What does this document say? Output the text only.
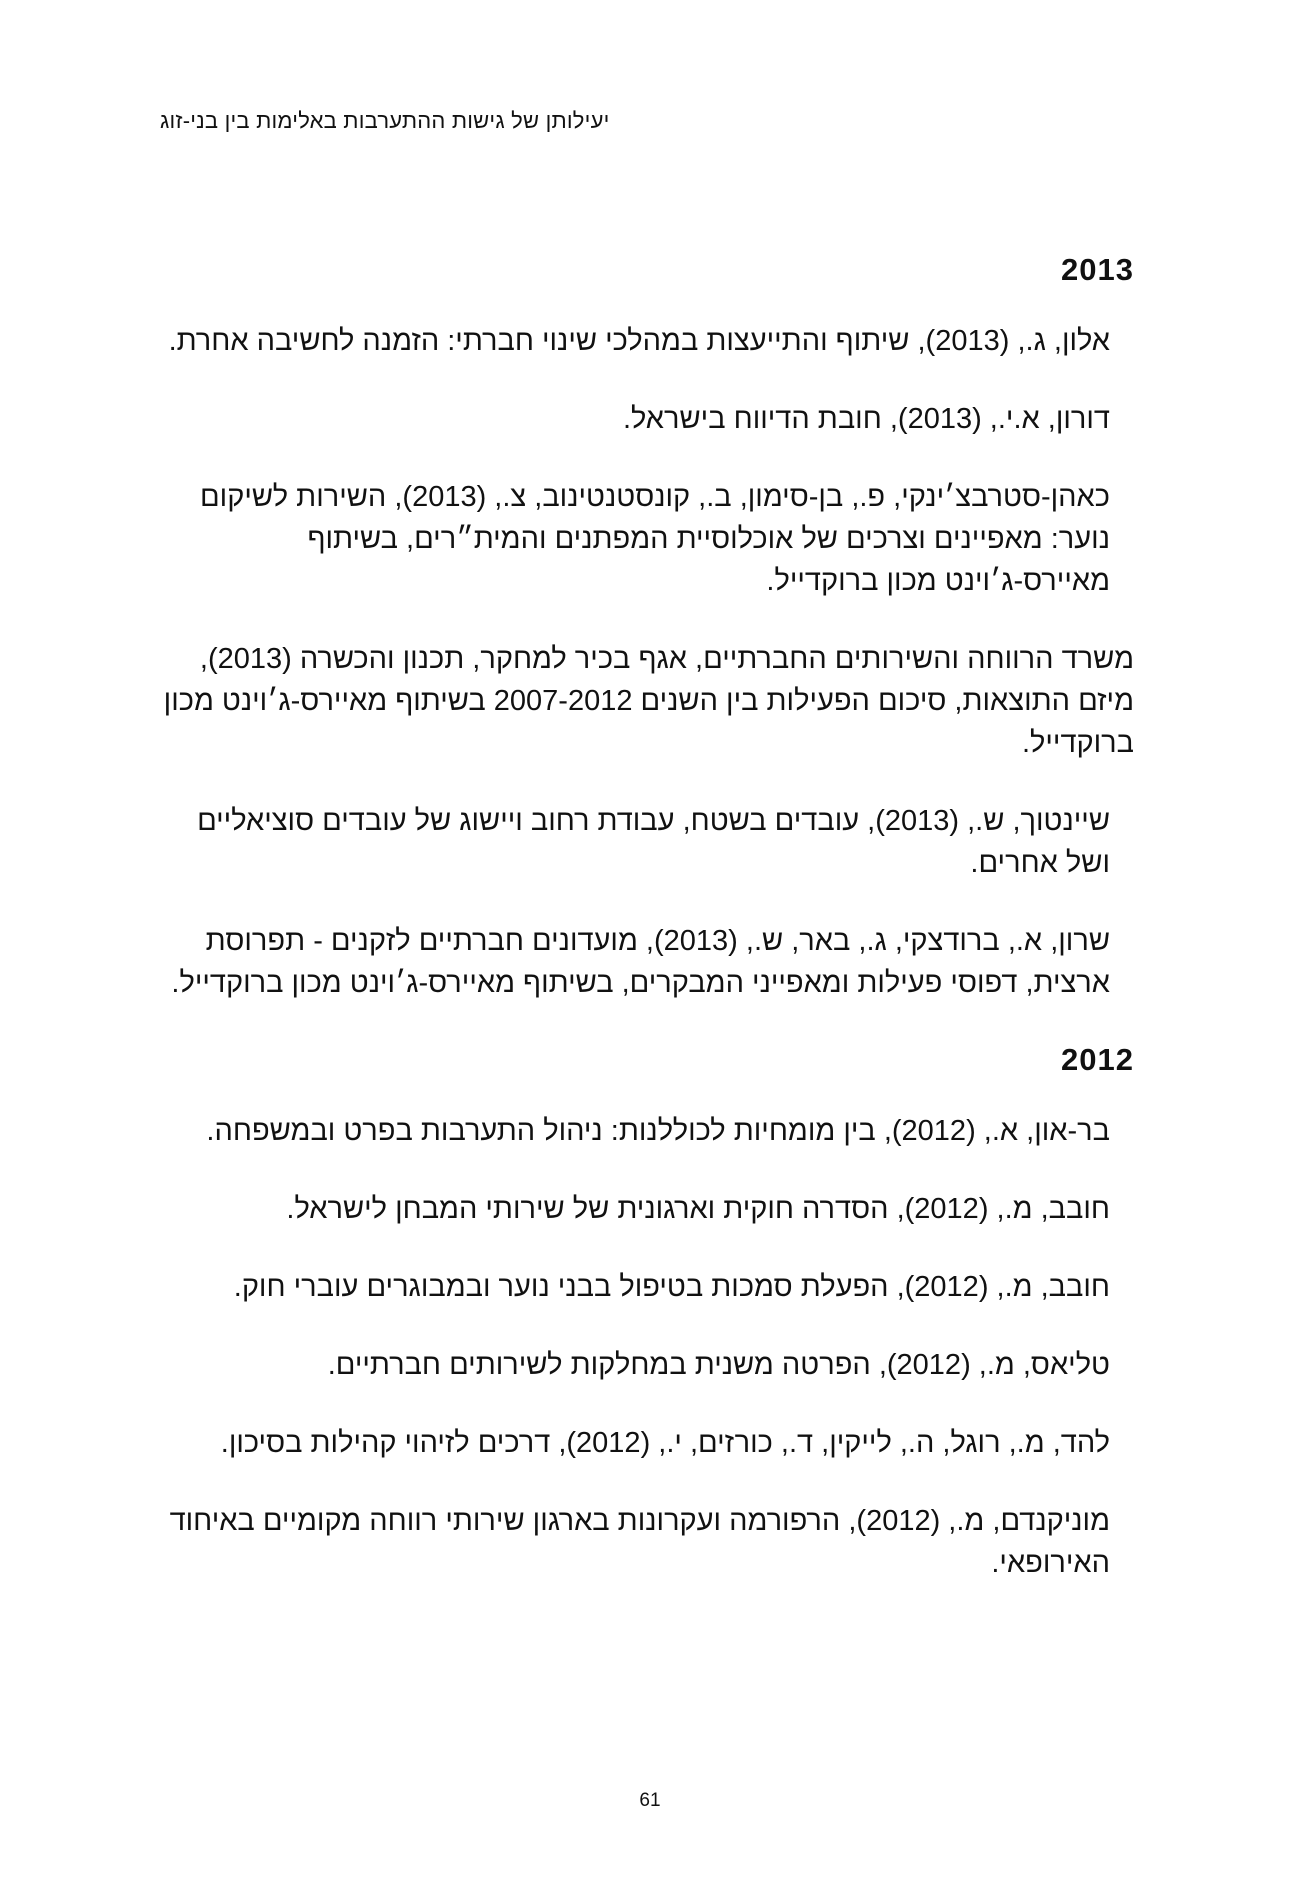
יעילותן של גישות ההתערבות באלימות בין בני-זוג
2013
אלון, ג., (2013), שיתוף והתייעצות במהלכי שינוי חברתי: הזמנה לחשיבה אחרת.
דורון, א.י., (2013), חובת הדיווח בישראל.
כאהן-סטרבצ׳ינקי, פ., בן-סימון, ב., קונסטנטינוב, צ., (2013), השירות לשיקום נוער: מאפיינים וצרכים של אוכלוסיית המפתנים והמית״רים, בשיתוף מאיירס-ג׳וינט מכון ברוקדייל.
משרד הרווחה והשירותים החברתיים, אגף בכיר למחקר, תכנון והכשרה (2013), מיזם התוצאות, סיכום הפעילות בין השנים 2007-2012 בשיתוף מאיירס-ג׳וינט מכון ברוקדייל.
שיינטוך, ש., (2013), עובדים בשטח, עבודת רחוב ויישוג של עובדים סוציאליים ושל אחרים.
שרון, א., ברודצקי, ג., באר, ש., (2013), מועדונים חברתיים לזקנים - תפרוסת ארצית, דפוסי פעילות ומאפייני המבקרים, בשיתוף מאיירס-ג׳וינט מכון ברוקדייל.
2012
בר-און, א., (2012), בין מומחיות לכוללנות: ניהול התערבות בפרט ובמשפחה.
חובב, מ., (2012), הסדרה חוקית וארגונית של שירותי המבחן לישראל.
חובב, מ., (2012), הפעלת סמכות בטיפול בבני נוער ובמבוגרים עוברי חוק.
טליאס, מ., (2012), הפרטה משנית במחלקות לשירותים חברתיים.
להד, מ., רוגל, ה., לייקין, ד., כורזים, י., (2012), דרכים לזיהוי קהילות בסיכון.
מוניקנדם, מ., (2012), הרפורמה ועקרונות בארגון שירותי רווחה מקומיים באיחוד האירופאי.
61
